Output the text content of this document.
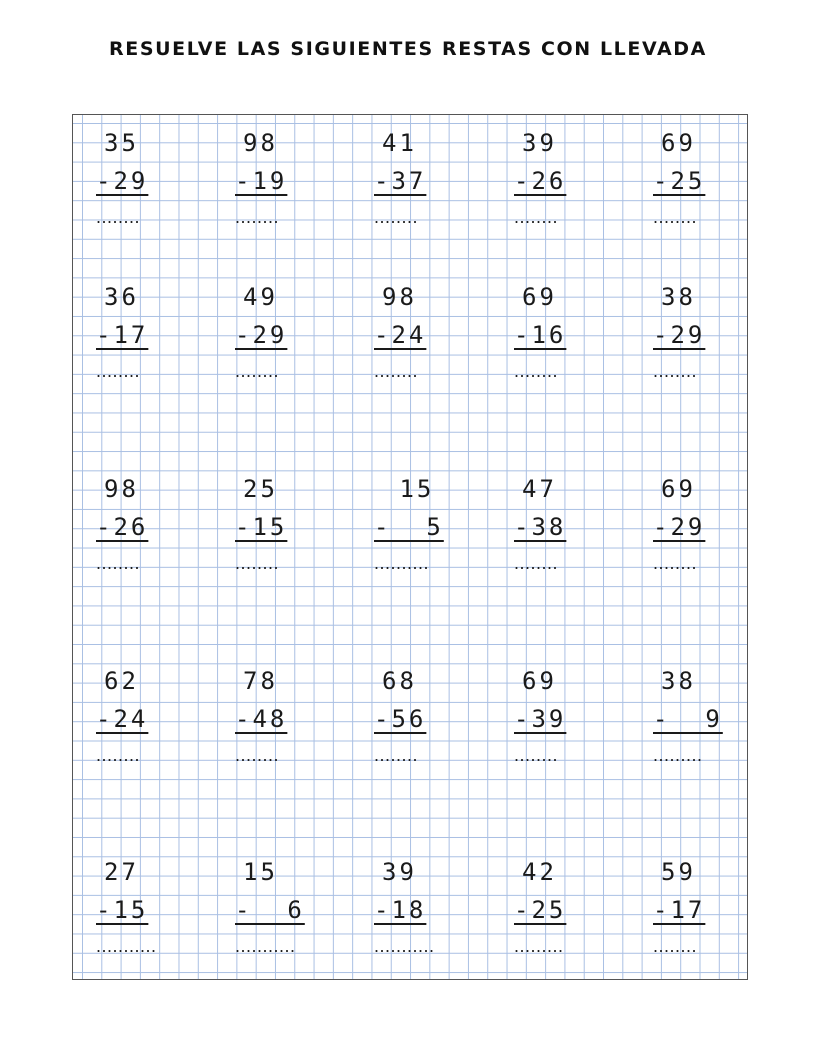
RESUELVE LAS SIGUIENTES RESTAS CON LLEVADA
35
-29
........
98
-19
........
41
-37
........
39
-26
........
69
-25
........
36
-17
........
49
-29
........
98
-24
........
69
-16
........
38
-29
........
98
-26
........
25
-15
........
15
-  5
..........
47
-38
........
69
-29
........
62
-24
........
78
-48
........
68
-56
........
69
-39
........
38
-  9
.........
27
-15
...........
15
-  6
...........
39
-18
...........
42
-25
.........
59
-17
........
